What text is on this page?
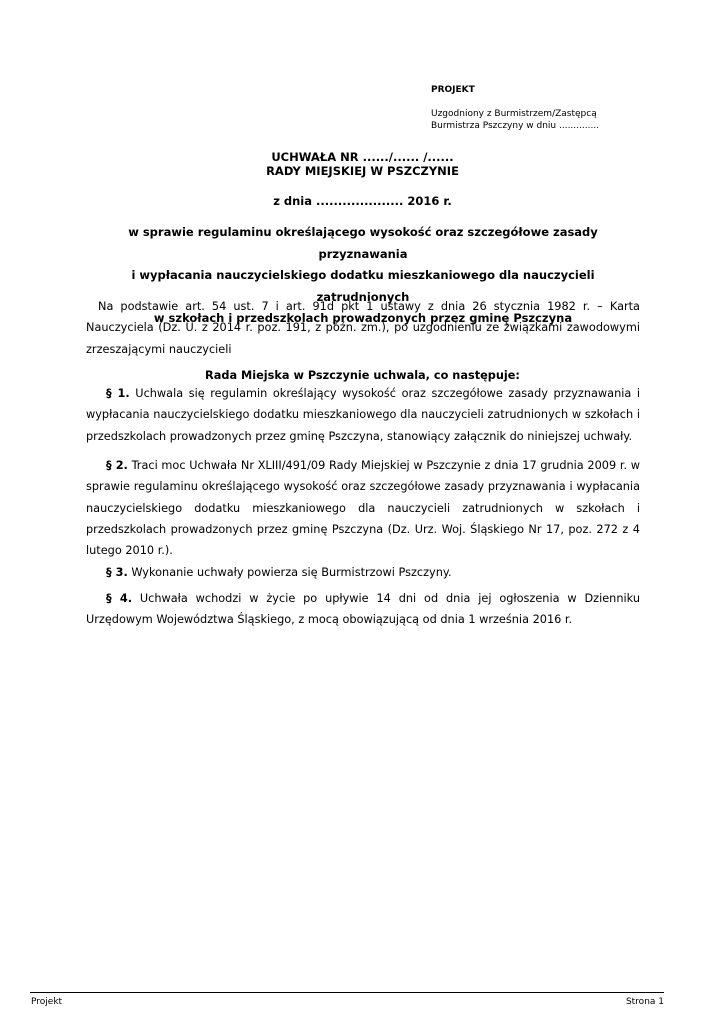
PROJEKT
Uzgodniony z Burmistrzem/Zastępcą
Burmistrza Pszczyny w dniu ..............
UCHWAŁA NR ....../...... /......
RADY MIEJSKIEJ W PSZCZYNIE
z dnia .................... 2016 r.
w sprawie regulaminu określającego wysokość oraz szczegółowe zasady przyznawania
i wypłacania nauczycielskiego dodatku mieszkaniowego dla nauczycieli zatrudnionych
w szkołach i przedszkolach prowadzonych przez gminę Pszczyna
Na podstawie art. 54 ust. 7 i art. 91d pkt 1 ustawy z dnia 26 stycznia 1982 r. – Karta Nauczyciela (Dz. U. z 2014 r. poz. 191, z późn. zm.), po uzgodnieniu ze związkami zawodowymi zrzeszającymi nauczycieli
Rada Miejska w Pszczynie uchwala, co następuje:
§ 1. Uchwala się regulamin określający wysokość oraz szczegółowe zasady przyznawania i wypłacania nauczycielskiego dodatku mieszkaniowego dla nauczycieli zatrudnionych w szkołach i przedszkolach prowadzonych przez gminę Pszczyna, stanowiący załącznik do niniejszej uchwały.
§ 2. Traci moc Uchwała Nr XLIII/491/09 Rady Miejskiej w Pszczynie z dnia 17 grudnia 2009 r. w sprawie regulaminu określającego wysokość oraz szczegółowe zasady przyznawania i wypłacania nauczycielskiego dodatku mieszkaniowego dla nauczycieli zatrudnionych w szkołach i przedszkolach prowadzonych przez gminę Pszczyna (Dz. Urz. Woj. Śląskiego Nr 17, poz. 272 z 4 lutego 2010 r.).
§ 3. Wykonanie uchwały powierza się Burmistrzowi Pszczyny.
§ 4. Uchwała wchodzi w życie po upływie 14 dni od dnia jej ogłoszenia w Dzienniku Urzędowym Województwa Śląskiego, z mocą obowiązującą od dnia 1 września 2016 r.
Projekt	Strona 1
